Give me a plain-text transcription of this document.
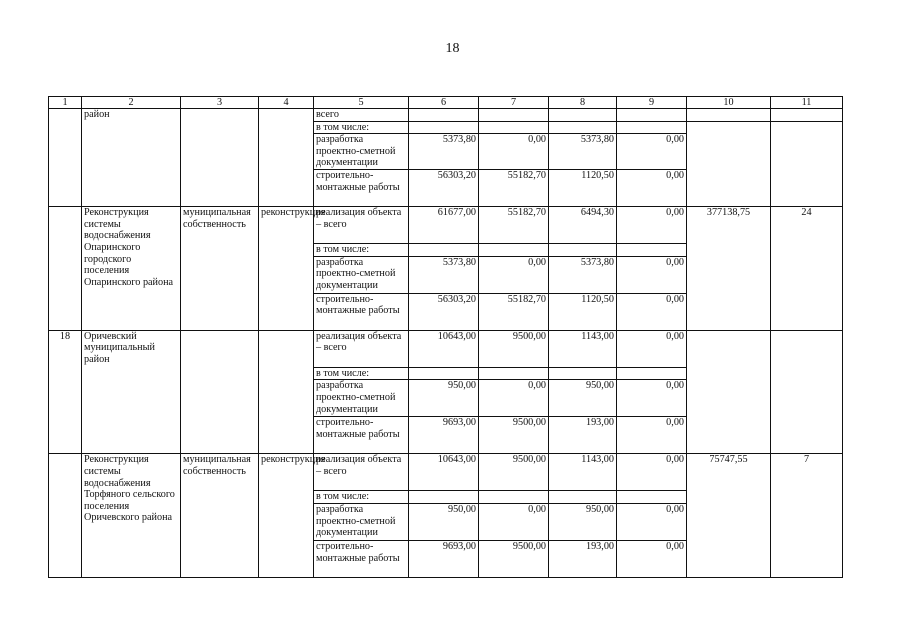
18
1	2	3	4	5	6	7	8	9	10	11
	район			всего						
				в том числе:						
				разработка проектно-сметной документации	5373,80	0,00	5373,80	0,00		
				строительно-монтажные работы	56303,20	55182,70	1120,50	0,00		
	Реконструкция системы водоснабжения Опаринского городского поселения Опаринского района	муниципальная собственность	реконструкция	реализация объекта – всего	61677,00	55182,70	6494,30	0,00	377138,75	24
				в том числе:						
				разработка проектно-сметной документации	5373,80	0,00	5373,80	0,00		
				строительно-монтажные работы	56303,20	55182,70	1120,50	0,00		
18	Оричевский муниципальный район			реализация объекта – всего	10643,00	9500,00	1143,00	0,00		
				в том числе:						
				разработка проектно-сметной документации	950,00	0,00	950,00	0,00		
				строительно-монтажные работы	9693,00	9500,00	193,00	0,00		
	Реконструкция системы водоснабжения Торфяного сельского поселения Оричевского района	муниципальная собственность	реконструкция	реализация объекта – всего	10643,00	9500,00	1143,00	0,00	75747,55	7
				в том числе:						
				разработка проектно-сметной документации	950,00	0,00	950,00	0,00		
				строительно-монтажные работы	9693,00	9500,00	193,00	0,00		
